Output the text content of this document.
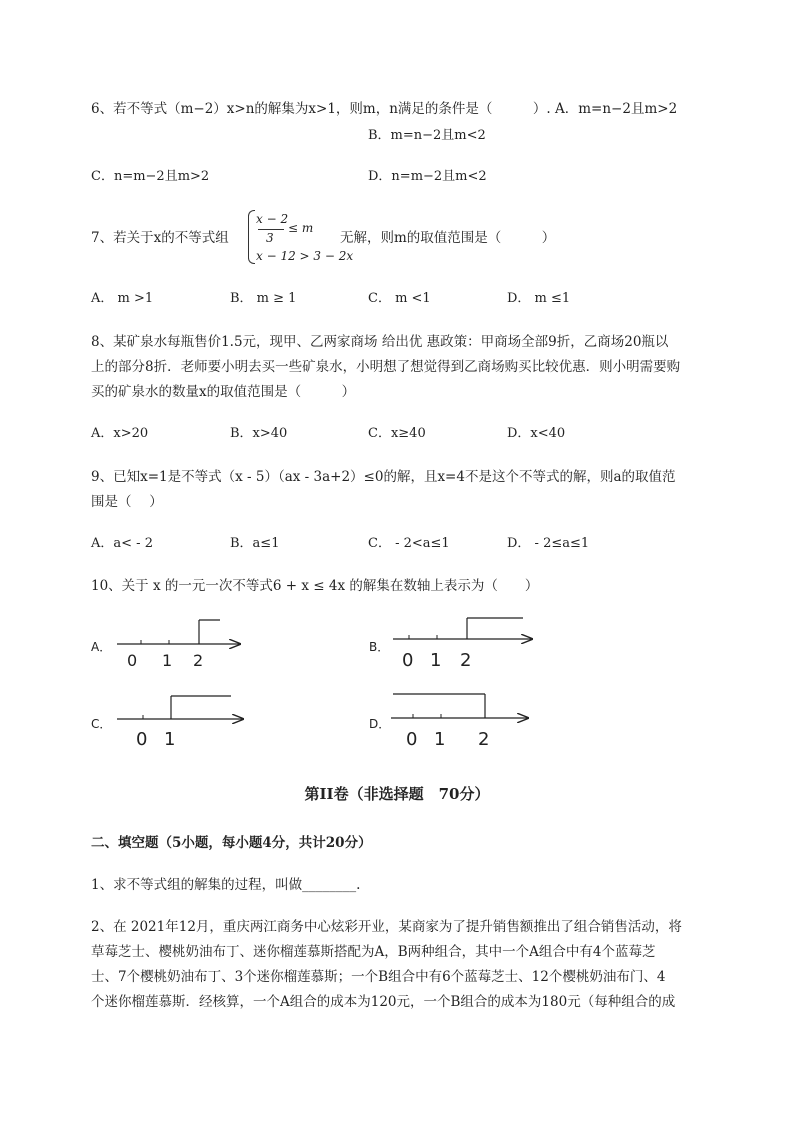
6、若不等式（m−2）x>n的解集为x>1，则m，n满足的条件是（　　　）. A．m=n−2且m>2
B．m=n−2且m<2
C．n=m−2且m>2	D．n=m−2且m<2
7、若关于x的不等式组
x − 2
3
≤ m
x − 12 > 3 − 2x
无解，则m的取值范围是（　　　）
A． m >1	B． m ≥ 1	C． m <1	D． m ≤1
8、某矿泉水每瓶售价1.5元，现甲、乙两家商场 给出优 惠政策：甲商场全部9折，乙商场20瓶以
上的部分8折．老师要小明去买一些矿泉水，小明想了想觉得到乙商场购买比较优惠．则小明需要购
买的矿泉水的数量x的取值范围是（　　　）
A．x>20	B．x>40	C．x≥40	D．x<40
9、已知x=1是不等式（x - 5）（ax - 3a+2）≤0的解，且x=4不是这个不等式的解，则a的取值范
围是（　 ）
A．a< - 2	B．a≤1	C． - 2<a≤1	D． - 2≤a≤1
10、关于 x 的一元一次不等式6 + x ≤ 4x 的解集在数轴上表示为（　　）
A．
0 1 2
B．
0 1 2
C．
0 1
D．
0 1 2
第II卷（非选择题　70分）
二、填空题（5小题，每小题4分，共计20分）
1、求不等式组的解集的过程，叫做________.
2、在 2021年12月，重庆两江商务中心炫彩开业，某商家为了提升销售额推出了组合销售活动，将
草莓芝士、樱桃奶油布丁、迷你榴莲慕斯搭配为A，B两种组合，其中一个A组合中有4个蓝莓芝
士、7个樱桃奶油布丁、3个迷你榴莲慕斯；一个B组合中有6个蓝莓芝士、12个樱桃奶油布门、4
个迷你榴莲慕斯．经核算，一个A组合的成本为120元，一个B组合的成本为180元（每种组合的成
